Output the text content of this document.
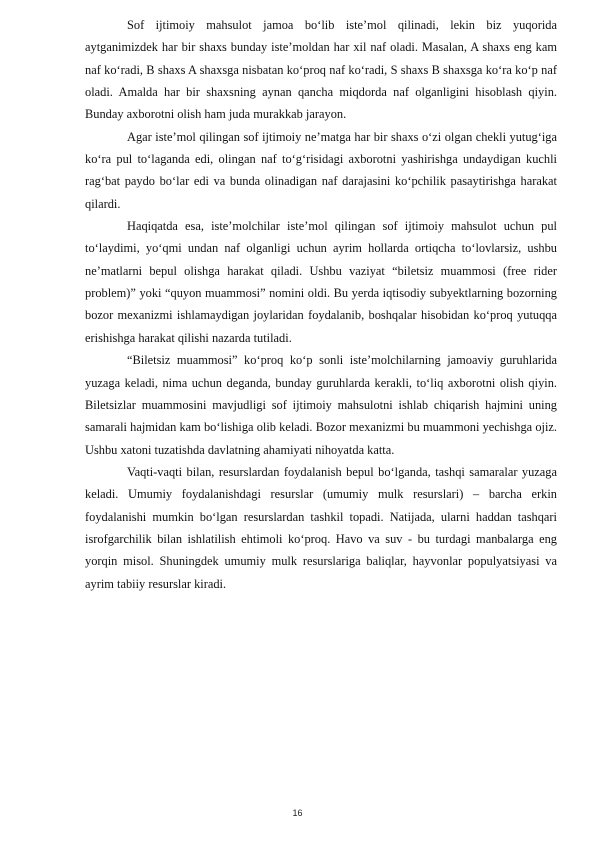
Sof ijtimoiy mahsulot jamoa bo‘lib iste’mol qilinadi, lekin biz yuqorida aytganimizdek har bir shaxs bunday iste’moldan har xil naf oladi. Masalan, A shaxs eng kam naf ko‘radi, B shaxs A shaxsga nisbatan ko‘proq naf ko‘radi, S shaxs B shaxsga ko‘ra ko‘p naf oladi. Amalda har bir shaxsning aynan qancha miqdorda naf olganligini hisoblash qiyin. Bunday axborotni olish ham juda murakkab jarayon.

Agar iste’mol qilingan sof ijtimoiy ne’matga har bir shaxs o‘zi olgan chekli yutug‘iga ko‘ra pul to‘laganda edi, olingan naf to‘g‘risidagi axborotni yashirishga undaydigan kuchli rag‘bat paydo bo‘lar edi va bunda olinadigan naf darajasini ko‘pchilik pasaytirishga harakat qilardi.

Haqiqatda esa, iste’molchilar iste’mol qilingan sof ijtimoiy mahsulot uchun pul to‘laydimi, yo‘qmi undan naf olganligi uchun ayrim hollarda ortiqcha to‘lovlarsiz, ushbu ne’matlarni bepul olishga harakat qiladi. Ushbu vaziyat “biletsiz muammosi (free rider problem)” yoki “quyon muammosi” nomini oldi. Bu yerda iqtisodiy subyektlarning bozorning bozor mexanizmi ishlamaydigan joylaridan foydalanib, boshqalar hisobidan ko‘proq yutuqqa erishishga harakat qilishi nazarda tutiladi.

“Biletsiz muammosi” ko‘proq ko‘p sonli iste’molchilarning jamoaviy guruhlarida yuzaga keladi, nima uchun deganda, bunday guruhlarda kerakli, to‘liq axborotni olish qiyin. Biletsizlar muammosini mavjudligi sof ijtimoiy mahsulotni ishlab chiqarish hajmini uning samarali hajmidan kam bo‘lishiga olib keladi. Bozor mexanizmi bu muammoni yechishga ojiz. Ushbu xatoni tuzatishda davlatning ahamiyati nihoyatda katta.

Vaqti-vaqti bilan, resurslardan foydalanish bepul bo‘lganda, tashqi samaralar yuzaga keladi. Umumiy foydalanishdagi resurslar (umumiy mulk resurslari) – barcha erkin foydalanishi mumkin bo‘lgan resurslardan tashkil topadi. Natijada, ularni haddan tashqari isrofgarchilik bilan ishlatilish ehtimoli ko‘proq. Havo va suv - bu turdagi manbalarga eng yorqin misol. Shuningdek umumiy mulk resurslariga baliqlar, hayvonlar populyatsiyasi va ayrim tabiiy resurslar kiradi.

16
